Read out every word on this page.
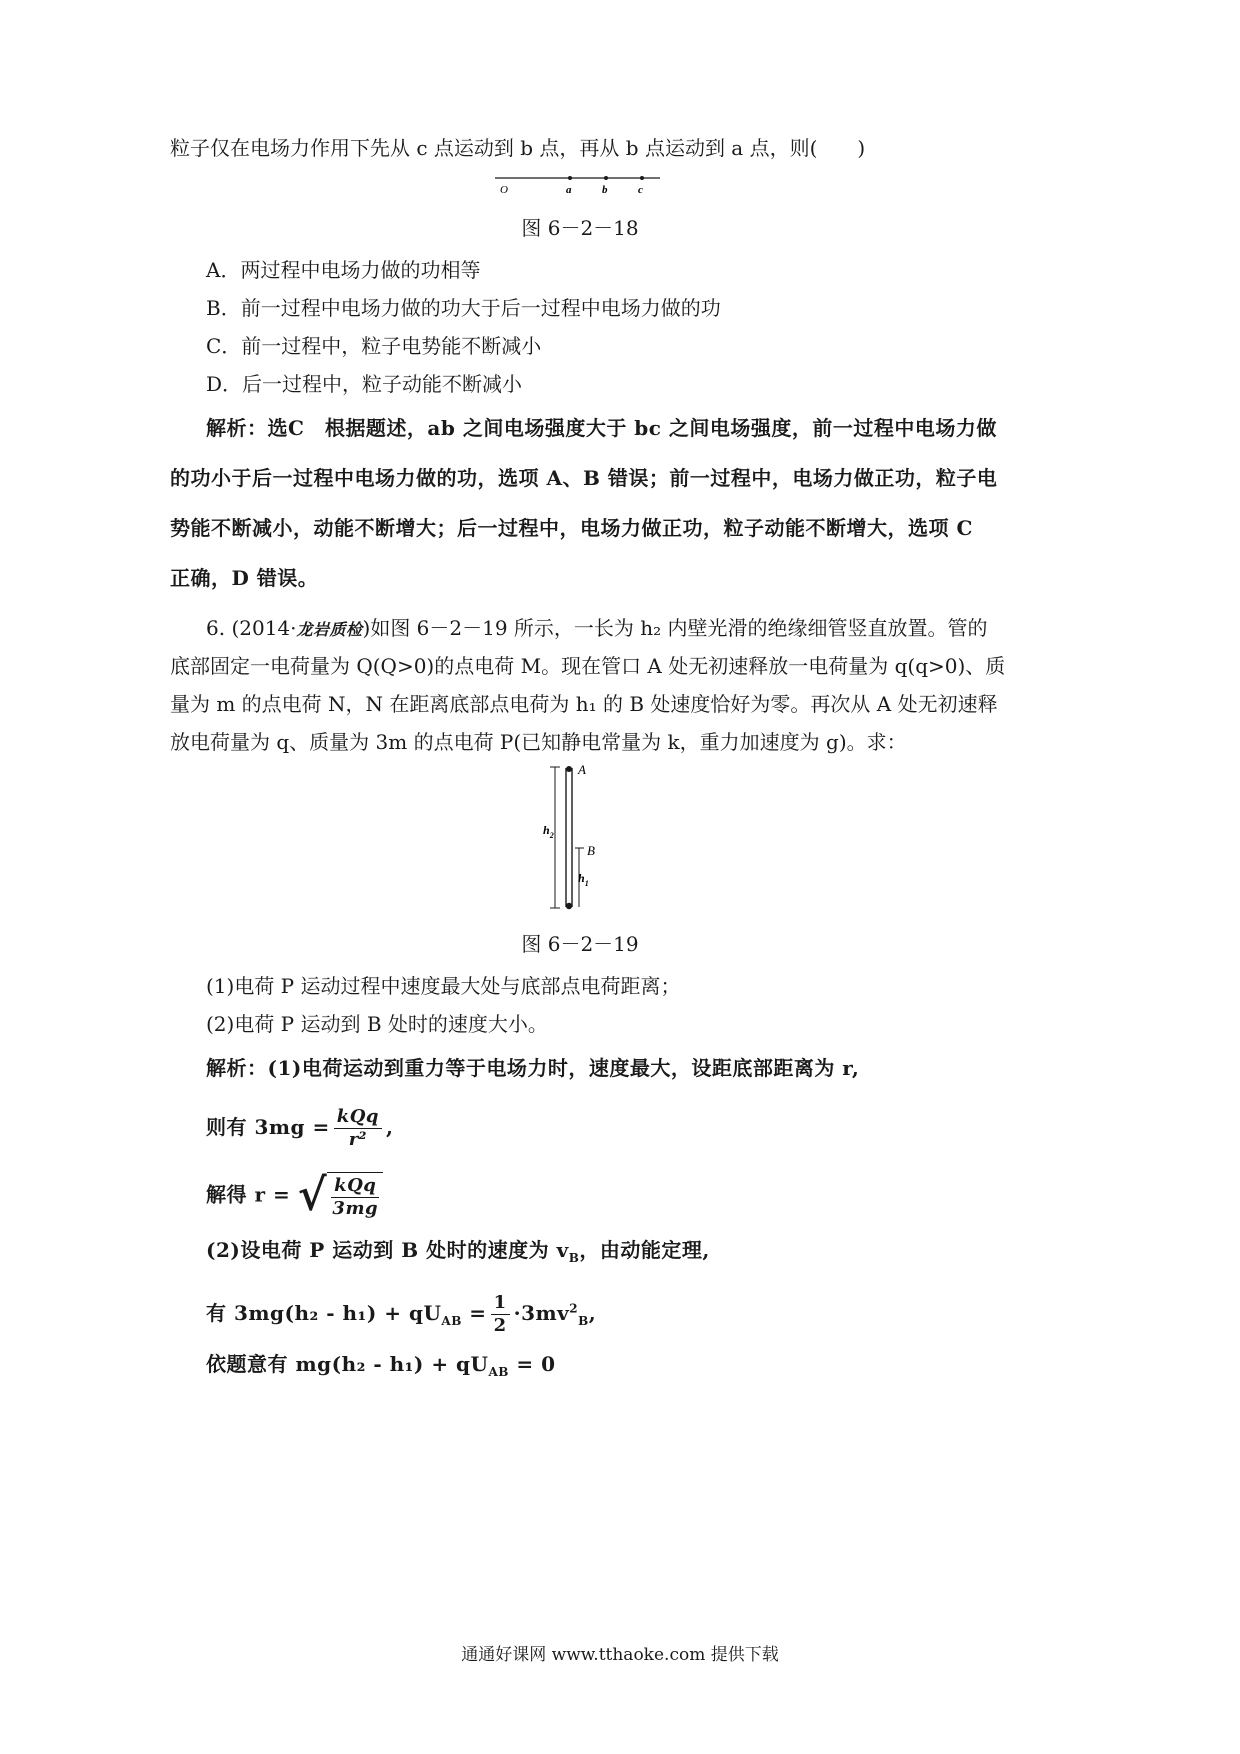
粒子仅在电场力作用下先从 c 点运动到 b 点，再从 b 点运动到 a 点，则(　　)
O	a	b	c
图 6－2－18
A．两过程中电场力做的功相等
B．前一过程中电场力做的功大于后一过程中电场力做的功
C．前一过程中，粒子电势能不断减小
D．后一过程中，粒子动能不断减小
解析：选C　根据题述，ab 之间电场强度大于 bc 之间电场强度，前一过程中电场力做
的功小于后一过程中电场力做的功，选项 A、B 错误；前一过程中，电场力做正功，粒子电
势能不断减小，动能不断增大；后一过程中，电场力做正功，粒子动能不断增大，选项 C
正确，D 错误。
6. (2014·龙岩质检)如图 6－2－19 所示，一长为 h₂ 内壁光滑的绝缘细管竖直放置。管的
底部固定一电荷量为 Q(Q>0)的点电荷 M。现在管口 A 处无初速释放一电荷量为 q(q>0)、质
量为 m 的点电荷 N，N 在距离底部点电荷为 h₁ 的 B 处速度恰好为零。再次从 A 处无初速释
放电荷量为 q、质量为 3m 的点电荷 P(已知静电常量为 k，重力加速度为 g)。求：
A
B
$h_2$
$h_1$
图 6－2－19
(1)电荷 P 运动过程中速度最大处与底部点电荷距离；
(2)电荷 P 运动到 B 处时的速度大小。
解析：(1)电荷运动到重力等于电场力时，速度最大，设距底部距离为 r,
则有 $3mg = \frac{\text{kQq}}{\text{r²}}$ ,
解得 r = √ $\frac{\text{kQq}}{3mg}$
(2)设电荷 P 运动到 B 处时的速度为 $v_B$，由动能定理,
有 $3mg(h_2 - h_1) + qU_{AB} = \frac{1}{2} \cdot 3mv^2_B$,
依题意有 $mg(h_2 - h_1) + qU_{AB} = 0$
通通好课网 www.tthaoke.com 提供下载
